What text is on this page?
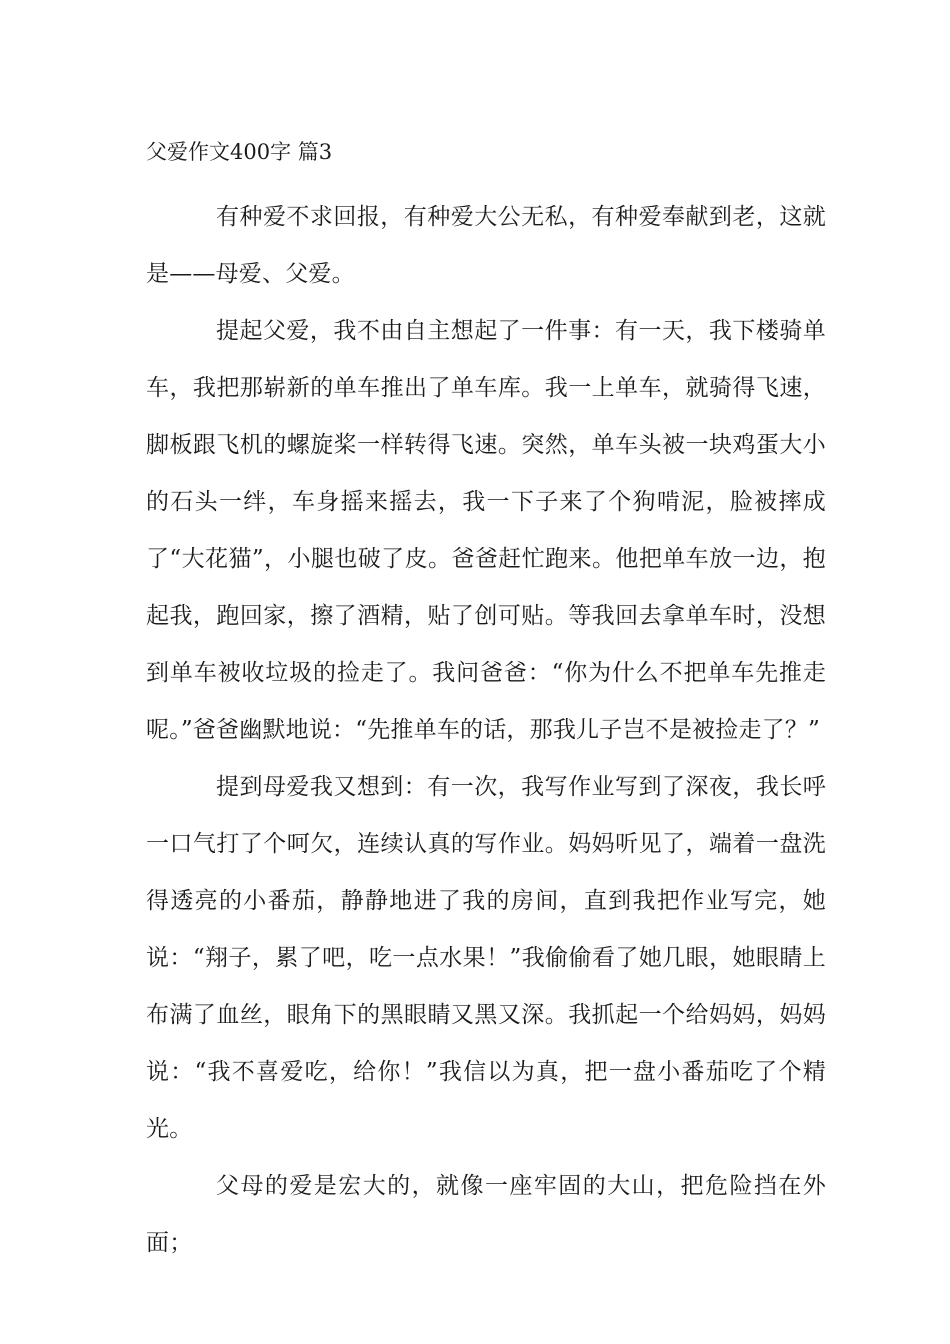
父爱作文400字 篇3

有种爱不求回报，有种爱大公无私，有种爱奉献到老，这就是——母爱、父爱。

提起父爱，我不由自主想起了一件事：有一天，我下楼骑单车，我把那崭新的单车推出了单车库。我一上单车，就骑得飞速，脚板跟飞机的螺旋桨一样转得飞速。突然，单车头被一块鸡蛋大小的石头一绊，车身摇来摇去，我一下子来了个狗啃泥，脸被摔成了“大花猫”，小腿也破了皮。爸爸赶忙跑来。他把单车放一边，抱起我，跑回家，擦了酒精，贴了创可贴。等我回去拿单车时，没想到单车被收垃圾的捡走了。我问爸爸：“你为什么不把单车先推走呢。”爸爸幽默地说：“先推单车的话，那我儿子岂不是被捡走了？”

提到母爱我又想到：有一次，我写作业写到了深夜，我长呼一口气打了个呵欠，连续认真的写作业。妈妈听见了，端着一盘洗得透亮的小番茄，静静地进了我的房间，直到我把作业写完，她说：“翔子，累了吧，吃一点水果！”我偷偷看了她几眼，她眼睛上布满了血丝，眼角下的黑眼睛又黑又深。我抓起一个给妈妈，妈妈说：“我不喜爱吃，给你！”我信以为真，把一盘小番茄吃了个精光。

父母的爱是宏大的，就像一座牢固的大山，把危险挡在外面；
